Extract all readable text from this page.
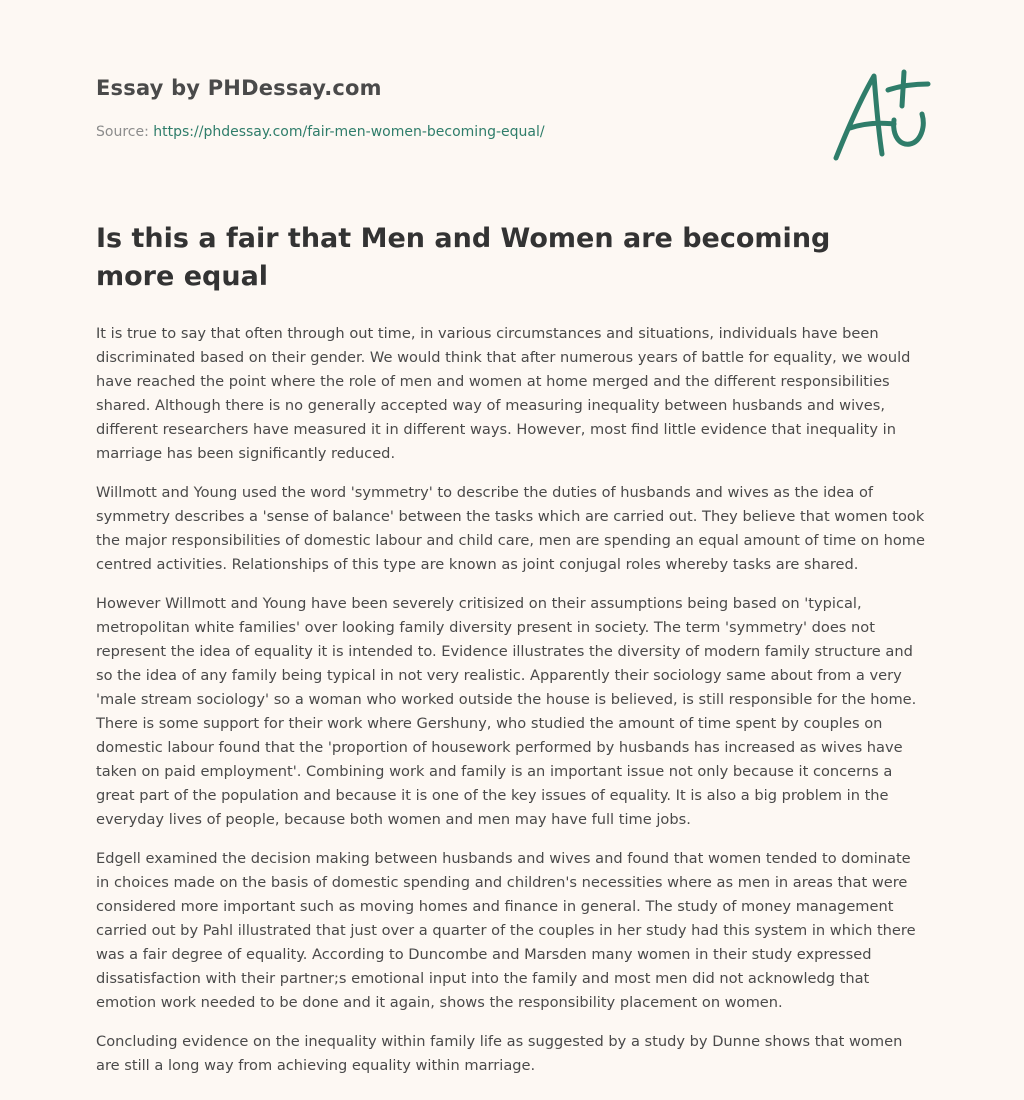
Essay by PHDessay.com
Source: https://phdessay.com/fair-men-women-becoming-equal/
Is this a fair that Men and Women are becoming more equal

It is true to say that often through out time, in various circumstances and situations, individuals have been discriminated based on their gender. We would think that after numerous years of battle for equality, we would have reached the point where the role of men and women at home merged and the different responsibilities shared. Although there is no generally accepted way of measuring inequality between husbands and wives, different researchers have measured it in different ways. However, most find little evidence that inequality in marriage has been significantly reduced.

Willmott and Young used the word 'symmetry' to describe the duties of husbands and wives as the idea of symmetry describes a 'sense of balance' between the tasks which are carried out. They believe that women took the major responsibilities of domestic labour and child care, men are spending an equal amount of time on home centred activities. Relationships of this type are known as joint conjugal roles whereby tasks are shared.

However Willmott and Young have been severely critisized on their assumptions being based on 'typical, metropolitan white families' over looking family diversity present in society. The term 'symmetry' does not represent the idea of equality it is intended to. Evidence illustrates the diversity of modern family structure and so the idea of any family being typical in not very realistic. Apparently their sociology same about from a very 'male stream sociology' so a woman who worked outside the house is believed, is still responsible for the home. There is some support for their work where Gershuny, who studied the amount of time spent by couples on domestic labour found that the 'proportion of housework performed by husbands has increased as wives have taken on paid employment'. Combining work and family is an important issue not only because it concerns a great part of the population and because it is one of the key issues of equality. It is also a big problem in the everyday lives of people, because both women and men may have full time jobs.

Edgell examined the decision making between husbands and wives and found that women tended to dominate in choices made on the basis of domestic spending and children's necessities where as men in areas that were considered more important such as moving homes and finance in general. The study of money management carried out by Pahl illustrated that just over a quarter of the couples in her study had this system in which there was a fair degree of equality. According to Duncombe and Marsden many women in their study expressed dissatisfaction with their partner;s emotional input into the family and most men did not acknowledg that emotion work needed to be done and it again, shows the responsibility placement on women.

Concluding evidence on the inequality within family life as suggested by a study by Dunne shows that women are still a long way from achieving equality within marriage.
